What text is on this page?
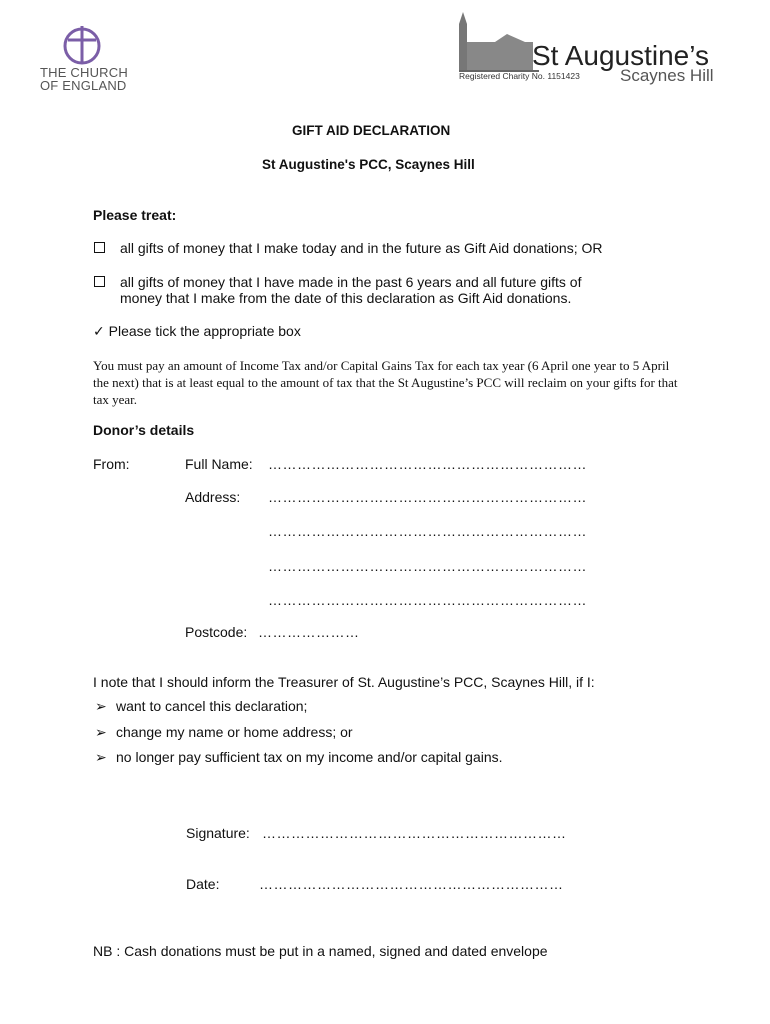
THE CHURCH
OF ENGLAND
St Augustine’s
Scaynes Hill
Registered Charity No. 1151423
GIFT AID DECLARATION
St Augustine's PCC, Scaynes Hill
Please treat:
all gifts of money that I make today and in the future as Gift Aid donations; OR
all gifts of money that I have made in the past 6 years and all future gifts of
money that I make from the date of this declaration as Gift Aid donations.
✓ Please tick the appropriate box
You must pay an amount of Income Tax and/or Capital Gains Tax for each tax year (6 April one year to 5 April the next) that is at least equal to the amount of tax that the St Augustine’s PCC will reclaim on your gifts for that tax year.
Donor’s details
From:	Full Name: …………………………………………………………
Address: …………………………………………………………
…………………………………………………………
…………………………………………………………
…………………………………………………………
Postcode: …………………
I note that I should inform the Treasurer of St. Augustine’s PCC, Scaynes Hill, if I:
➢ want to cancel this declaration;
➢ change my name or home address; or
➢ no longer pay sufficient tax on my income and/or capital gains.
Signature: ………………………………………………………
Date:	………………………………………………………
NB : Cash donations must be put in a named, signed and dated envelope
